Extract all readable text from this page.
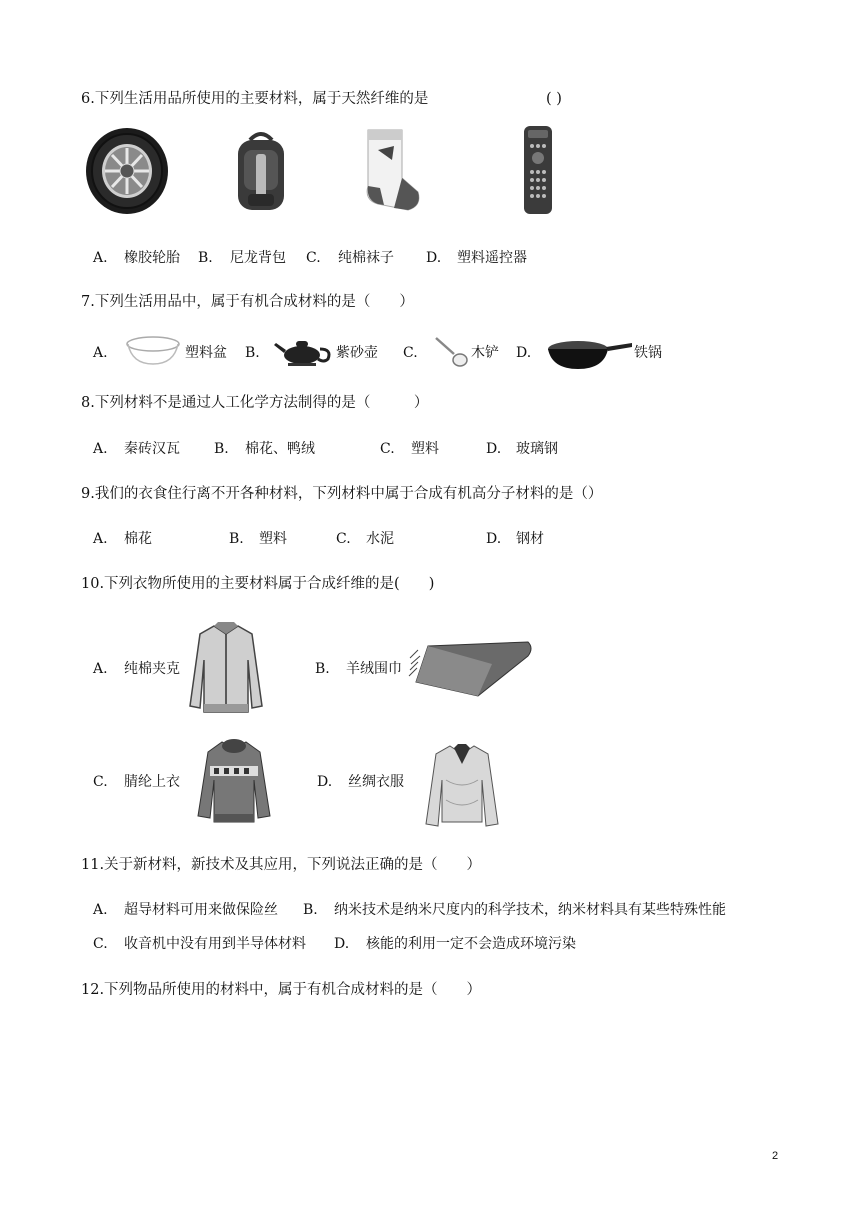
6.下列生活用品所使用的主要材料，属于天然纤维的是	( )
A. 橡胶轮胎 B. 尼龙背包 C. 纯棉袜子 D. 塑料遥控器
7.下列生活用品中，属于有机合成材料的是（　　）
A.	塑料盆 B.	紫砂壶 C.	木铲 D.	铁锅
8.下列材料不是通过人工化学方法制得的是（　　　）
A. 秦砖汉瓦 B. 棉花、鸭绒	C. 塑料	D. 玻璃钢
9.我们的衣食住行离不开各种材料，下列材料中属于合成有机高分子材料的是（）
A. 棉花	B. 塑料	C. 水泥	D. 钢材
10.下列衣物所使用的主要材料属于合成纤维的是(　　)
A. 纯棉夹克	B. 羊绒围巾
C. 腈纶上衣	D. 丝绸衣服
11.关于新材料，新技术及其应用，下列说法正确的是（　　）
A. 超导材料可用来做保险丝 B. 纳米技术是纳米尺度内的科学技术，纳米材料具有某些特殊性能
C. 收音机中没有用到半导体材料 D. 核能的利用一定不会造成环境污染
12.下列物品所使用的材料中，属于有机合成材料的是（　　）
2
